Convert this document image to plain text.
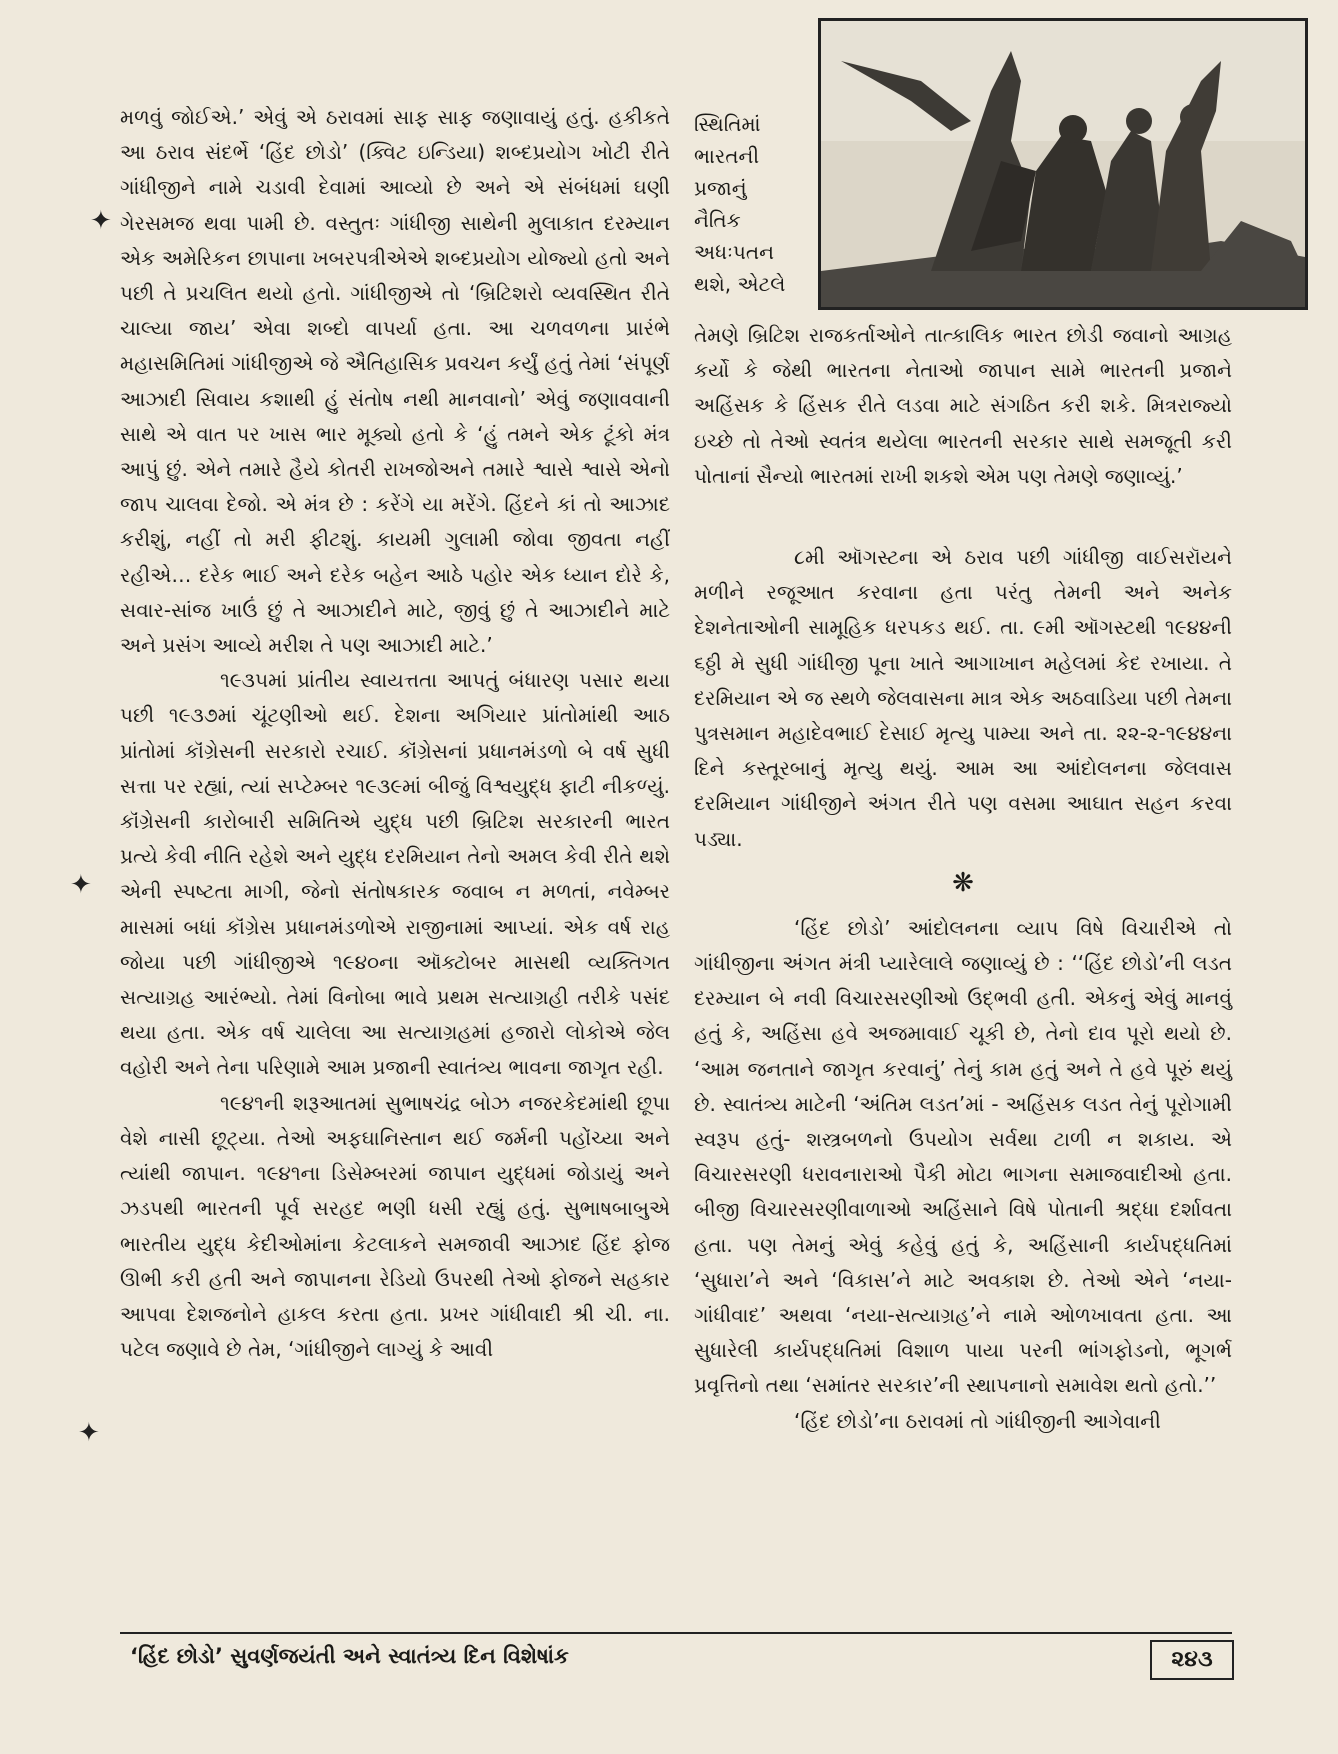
✦
✦
✦

મળવું જોઈએ.’ એવું એ ઠરાવમાં સાફ સાફ જણાવાયું હતું. હકીકતે આ ઠરાવ સંદર્ભે ‘હિંદ છોડો’ (ક્વિટ ઇન્ડિયા) શબ્દપ્રયોગ ખોટી રીતે ગાંધીજીને નામે ચડાવી દેવામાં આવ્યો છે અને એ સંબંધમાં ઘણી ગેરસમજ થવા પામી છે. વસ્તુતઃ ગાંધીજી સાથેની મુલાકાત દરમ્યાન એક અમેરિકન છાપાના ખબરપત્રીએએ શબ્દપ્રયોગ યોજ્યો હતો અને પછી તે પ્રચલિત થયો હતો. ગાંધીજીએ તો ‘બ્રિટિશરો વ્યવસ્થિત રીતે ચાલ્યા જાય’ એવા શબ્દો વાપર્યા હતા. આ ચળવળના પ્રારંભે મહાસમિતિમાં ગાંધીજીએ જે ઐતિહાસિક પ્રવચન કર્યું હતું તેમાં ‘સંપૂર્ણ આઝાદી સિવાય કશાથી હું સંતોષ નથી માનવાનો’ એવું જણાવવાની સાથે એ વાત પર ખાસ ભાર મૂક્યો હતો કે ‘હું તમને એક ટૂંકો મંત્ર આપું છું. એને તમારે હૈયે કોતરી રાખજોઅને તમારે શ્વાસે શ્વાસે એનો જાપ ચાલવા દેજો. એ મંત્ર છે : કરેંગે યા મરેંગે. હિંદને કાં તો આઝાદ કરીશું, નહીં તો મરી ફીટશું. કાયમી ગુલામી જોવા જીવતા નહીં રહીએ… દરેક ભાઈ અને દરેક બહેન આઠે પહોર એક ધ્યાન દોરે કે, સવાર-સાંજ ખાઉં છું તે આઝાદીને માટે, જીવું છું તે આઝાદીને માટે અને પ્રસંગ આવ્યે મરીશ તે પણ આઝાદી માટે.’

૧૯૩૫માં પ્રાંતીય સ્વાયત્તતા આપતું બંધારણ પસાર થયા પછી ૧૯૩૭માં ચૂંટણીઓ થઈ. દેશના અગિયાર પ્રાંતોમાંથી આઠ પ્રાંતોમાં કૉંગ્રેસની સરકારો રચાઈ. કૉંગ્રેસનાં પ્રધાનમંડળો બે વર્ષ સુધી સત્તા પર રહ્યાં, ત્યાં સપ્ટેમ્બર ૧૯૩૯માં બીજું વિશ્વયુદ્ધ ફાટી નીકળ્યું. કૉંગ્રેસની કારોબારી સમિતિએ યુદ્ધ પછી બ્રિટિશ સરકારની ભારત પ્રત્યે કેવી નીતિ રહેશે અને યુદ્ધ દરમિયાન તેનો અમલ કેવી રીતે થશે એની સ્પષ્ટતા માગી, જેનો સંતોષકારક જવાબ ન મળતાં, નવેમ્બર માસમાં બધાં કૉંગ્રેસ પ્રધાનમંડળોએ રાજીનામાં આપ્યાં. એક વર્ષ રાહ જોયા પછી ગાંધીજીએ ૧૯૪૦ના ઑક્ટોબર માસથી વ્યક્તિગત સત્યાગ્રહ આરંભ્યો. તેમાં વિનોબા ભાવે પ્રથમ સત્યાગ્રહી તરીકે પસંદ થયા હતા. એક વર્ષ ચાલેલા આ સત્યાગ્રહમાં હજારો લોકોએ જેલ વહોરી અને તેના પરિણામે આમ પ્રજાની સ્વાતંત્ર્ય ભાવના જાગૃત રહી.

૧૯૪૧ની શરૂઆતમાં સુભાષચંદ્ર બોઝ નજરકેદમાંથી છૂપા વેશે નાસી છૂટ્યા. તેઓ અફઘાનિસ્તાન થઈ જર્મની પહોંચ્યા અને ત્યાંથી જાપાન. ૧૯૪૧ના ડિસેમ્બરમાં જાપાન યુદ્ધમાં જોડાયું અને ઝડપથી ભારતની પૂર્વ સરહદ ભણી ધસી રહ્યું હતું. સુભાષબાબુએ ભારતીય યુદ્ધ કેદીઓમાંના કેટલાકને સમજાવી આઝાદ હિંદ ફોજ ઊભી કરી હતી અને જાપાનના રેડિયો ઉપરથી તેઓ ફોજને સહકાર આપવા દેશજનોને હાકલ કરતા હતા. પ્રખર ગાંધીવાદી શ્રી ચી. ના. પટેલ જણાવે છે તેમ, ‘ગાંધીજીને લાગ્યું કે આવી

સ્થિતિમાં
ભારતની
પ્રજાનું
નૈતિક
અધઃપતન
થશે, એટલે

તેમણે બ્રિટિશ રાજકર્તાઓને તાત્કાલિક ભારત છોડી જવાનો આગ્રહ કર્યો કે જેથી ભારતના નેતાઓ જાપાન સામે ભારતની પ્રજાને અહિંસક કે હિંસક રીતે લડવા માટે સંગઠિત કરી શકે. મિત્રરાજ્યો ઇચ્છે તો તેઓ સ્વતંત્ર થયેલા ભારતની સરકાર સાથે સમજૂતી કરી પોતાનાં સૈન્યો ભારતમાં રાખી શકશે એમ પણ તેમણે જણાવ્યું.’

૮મી ઑગસ્ટના એ ઠરાવ પછી ગાંધીજી વાઈસરૉયને મળીને રજૂઆત કરવાના હતા પરંતુ તેમની અને અનેક દેશનેતાઓની સામૂહિક ધરપકડ થઈ. તા. ૯મી ઑગસ્ટથી ૧૯૪૪ની ૬ઠ્ઠી મે સુધી ગાંધીજી પૂના ખાતે આગાખાન મહેલમાં કેદ રખાયા. તે દરમિયાન એ જ સ્થળે જેલવાસના માત્ર એક અઠવાડિયા પછી તેમના પુત્રસમાન મહાદેવભાઈ દેસાઈ મૃત્યુ પામ્યા અને તા. ૨૨-૨-૧૯૪૪ના દિને કસ્તૂરબાનું મૃત્યુ થયું. આમ આ આંદોલનના જેલવાસ દરમિયાન ગાંધીજીને અંગત રીતે પણ વસમા આઘાત સહન કરવા પડ્યા.

❋

‘હિંદ છોડો’ આંદોલનના વ્યાપ વિષે વિચારીએ તો ગાંધીજીના અંગત મંત્રી પ્યારેલાલે જણાવ્યું છે : ‘‘હિંદ છોડો’ની લડત દરમ્યાન બે નવી વિચારસરણીઓ ઉદ્ભવી હતી. એકનું એવું માનવું હતું કે, અહિંસા હવે અજમાવાઈ ચૂકી છે, તેનો દાવ પૂરો થયો છે. ‘આમ જનતાને જાગૃત કરવાનું’ તેનું કામ હતું અને તે હવે પૂરું થયું છે. સ્વાતંત્ર્ય માટેની ‘અંતિમ લડત’માં - અહિંસક લડત તેનું પૂરોગામી સ્વરૂપ હતું- શસ્ત્રબળનો ઉપયોગ સર્વથા ટાળી ન શકાય. એ વિચારસરણી ધરાવનારાઓ પૈકી મોટા ભાગના સમાજવાદીઓ હતા. બીજી વિચારસરણીવાળાઓ અહિંસાને વિષે પોતાની શ્રદ્ધા દર્શાવતા હતા. પણ તેમનું એવું કહેવું હતું કે, અહિંસાની કાર્યપદ્ધતિમાં ‘સુધારા’ને અને ‘વિકાસ’ને માટે અવકાશ છે. તેઓ એને ‘નયા-ગાંધીવાદ’ અથવા ‘નયા-સત્યાગ્રહ’ને નામે ઓળખાવતા હતા. આ સુધારેલી કાર્યપદ્ધતિમાં વિશાળ પાયા પરની ભાંગફોડનો, ભૂગર્ભ પ્રવૃત્તિનો તથા ‘સમાંતર સરકાર’ની સ્થાપનાનો સમાવેશ થતો હતો.’’

‘હિંદ છોડો’ના ઠરાવમાં તો ગાંધીજીની આગેવાની

‘હિંદ છોડો’ સુવર્ણજયંતી અને સ્વાતંત્ર્ય દિન વિશેષાંક	૨૪૩
